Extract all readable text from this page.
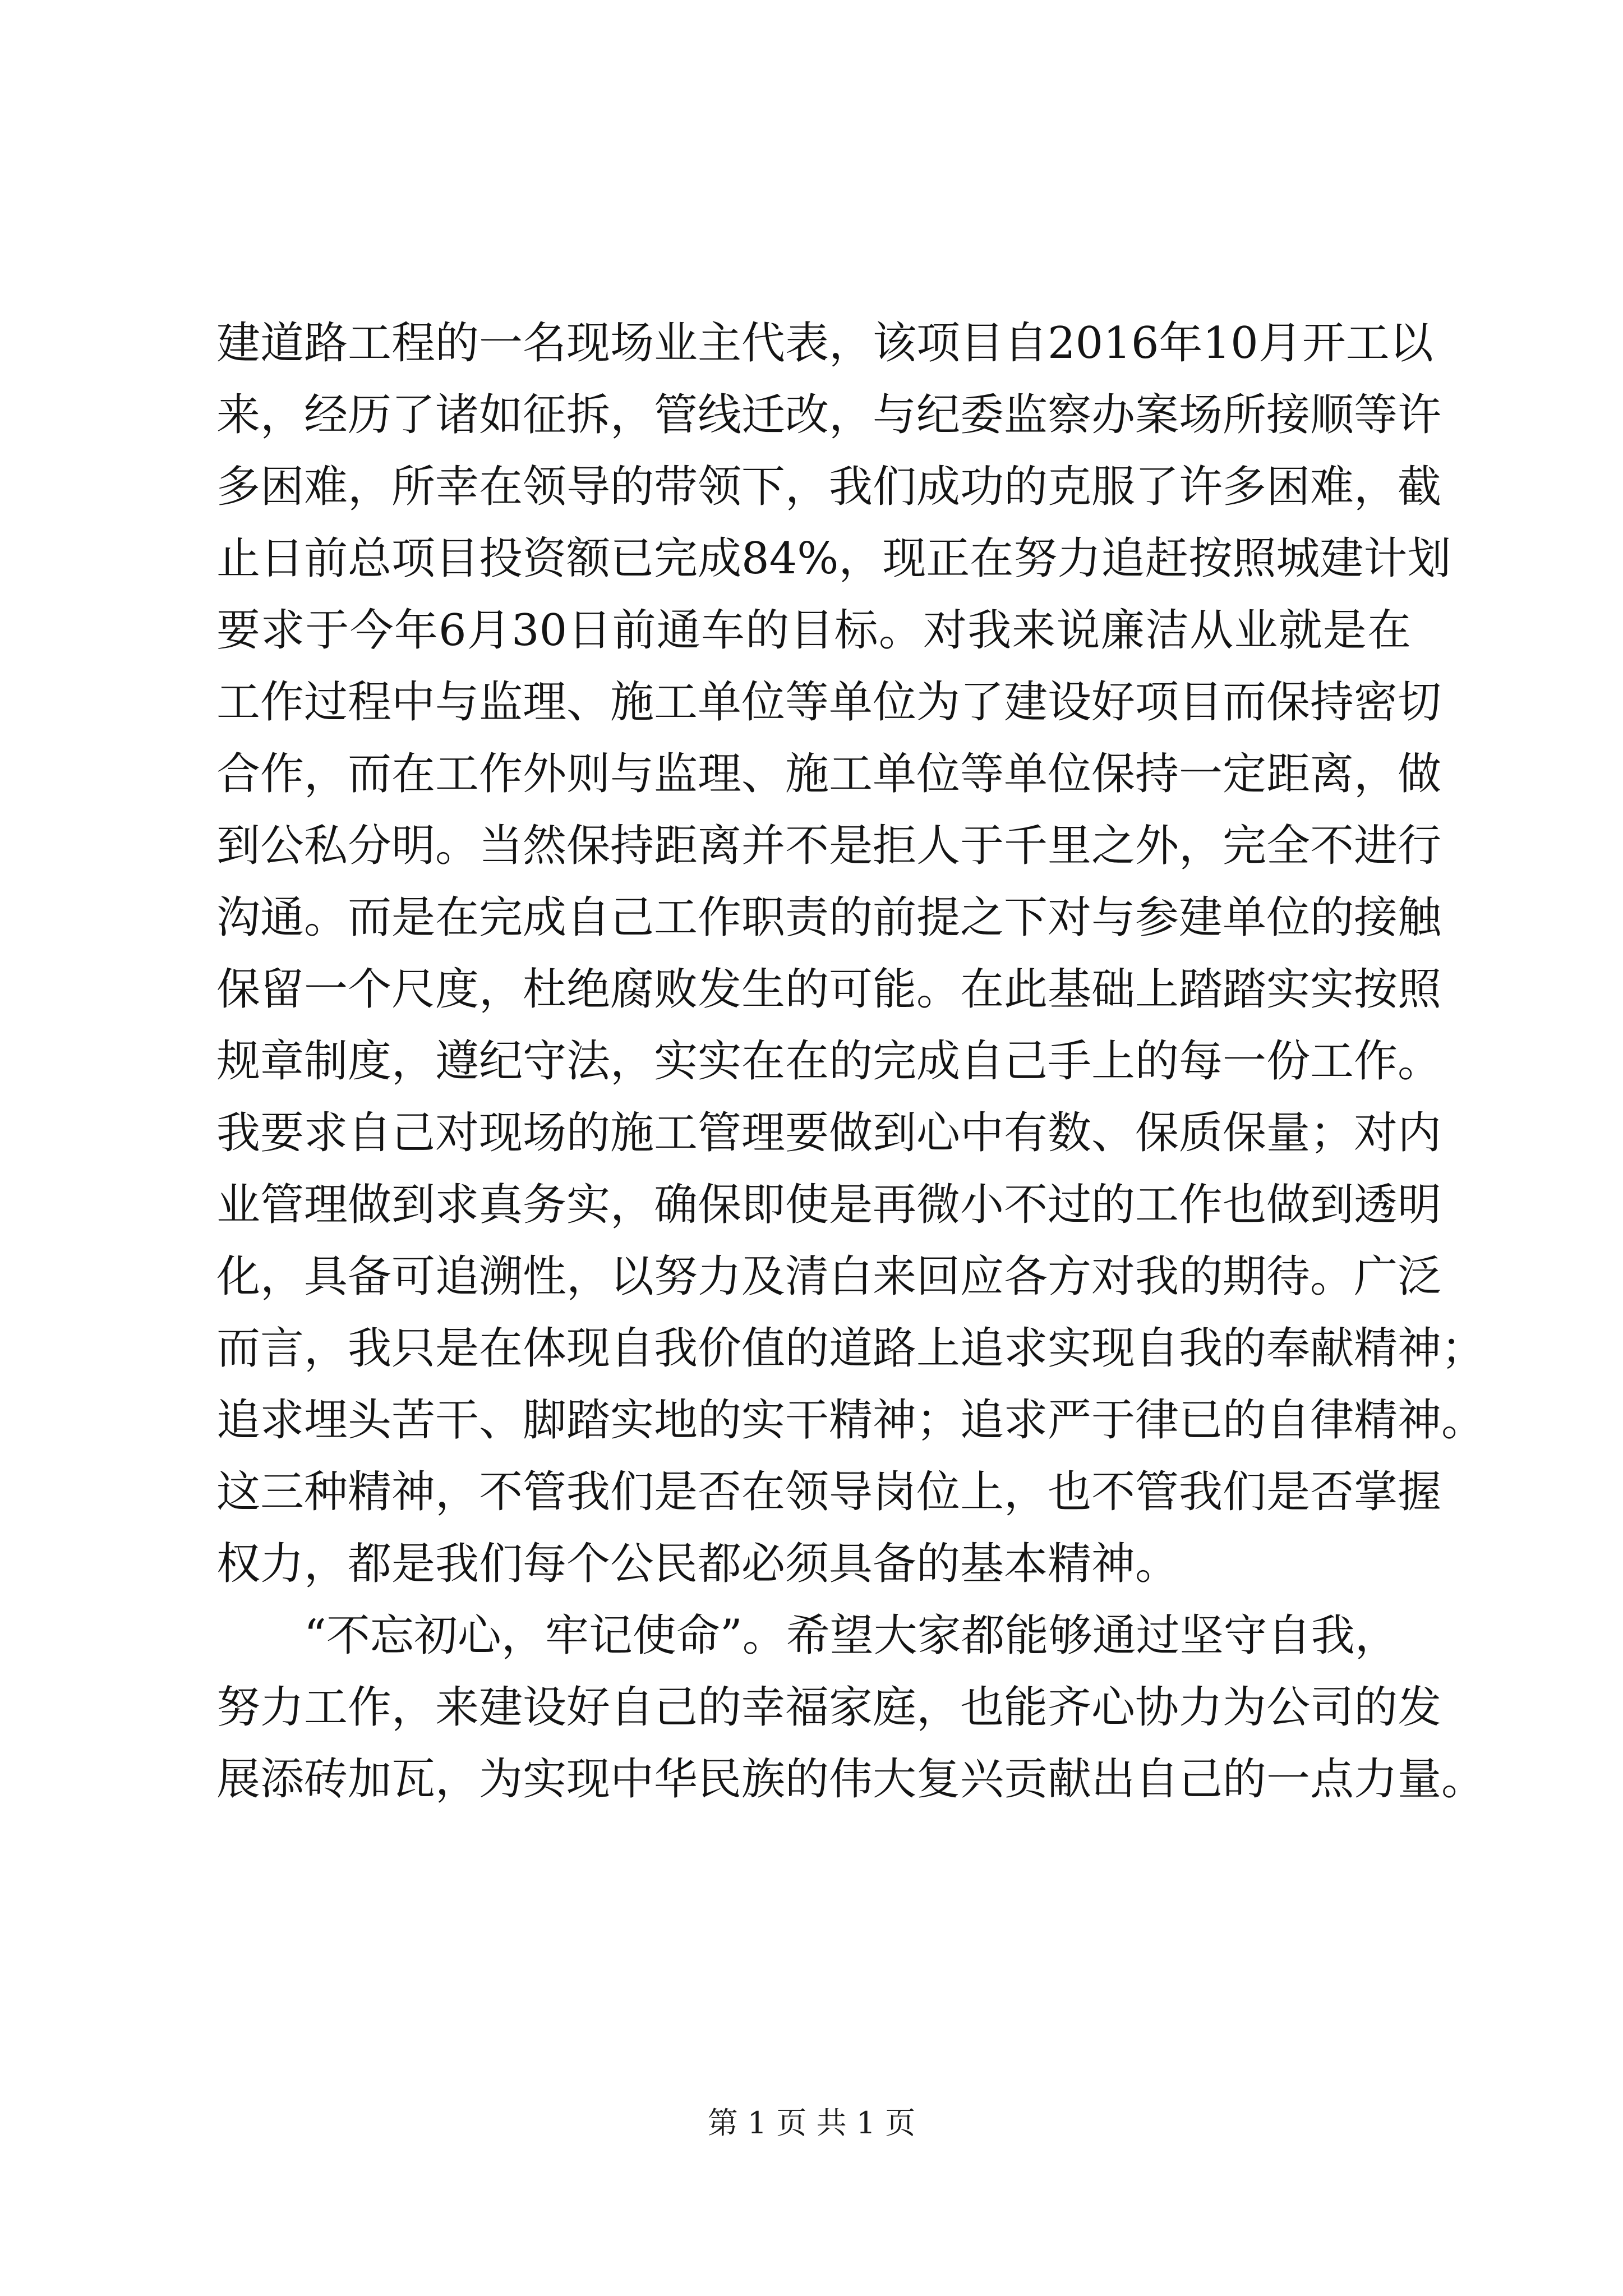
建道路工程的一名现场业主代表，该项目自2016年10月开工以
来，经历了诸如征拆，管线迁改，与纪委监察办案场所接顺等许
多困难，所幸在领导的带领下，我们成功的克服了许多困难，截
止日前总项目投资额已完成84%，现正在努力追赶按照城建计划
要求于今年6月30日前通车的目标。对我来说廉洁从业就是在
工作过程中与监理、施工单位等单位为了建设好项目而保持密切
合作，而在工作外则与监理、施工单位等单位保持一定距离，做
到公私分明。当然保持距离并不是拒人于千里之外，完全不进行
沟通。而是在完成自己工作职责的前提之下对与参建单位的接触
保留一个尺度，杜绝腐败发生的可能。在此基础上踏踏实实按照
规章制度，遵纪守法，实实在在的完成自己手上的每一份工作。
我要求自己对现场的施工管理要做到心中有数、保质保量；对内
业管理做到求真务实，确保即使是再微小不过的工作也做到透明
化，具备可追溯性，以努力及清白来回应各方对我的期待。广泛
而言，我只是在体现自我价值的道路上追求实现自我的奉献精神；
追求埋头苦干、脚踏实地的实干精神；追求严于律已的自律精神。
这三种精神，不管我们是否在领导岗位上，也不管我们是否掌握
权力，都是我们每个公民都必须具备的基本精神。
“不忘初心，牢记使命”。希望大家都能够通过坚守自我，
努力工作，来建设好自己的幸福家庭，也能齐心协力为公司的发
展添砖加瓦，为实现中华民族的伟大复兴贡献出自己的一点力量。
第 1 页 共 1 页
